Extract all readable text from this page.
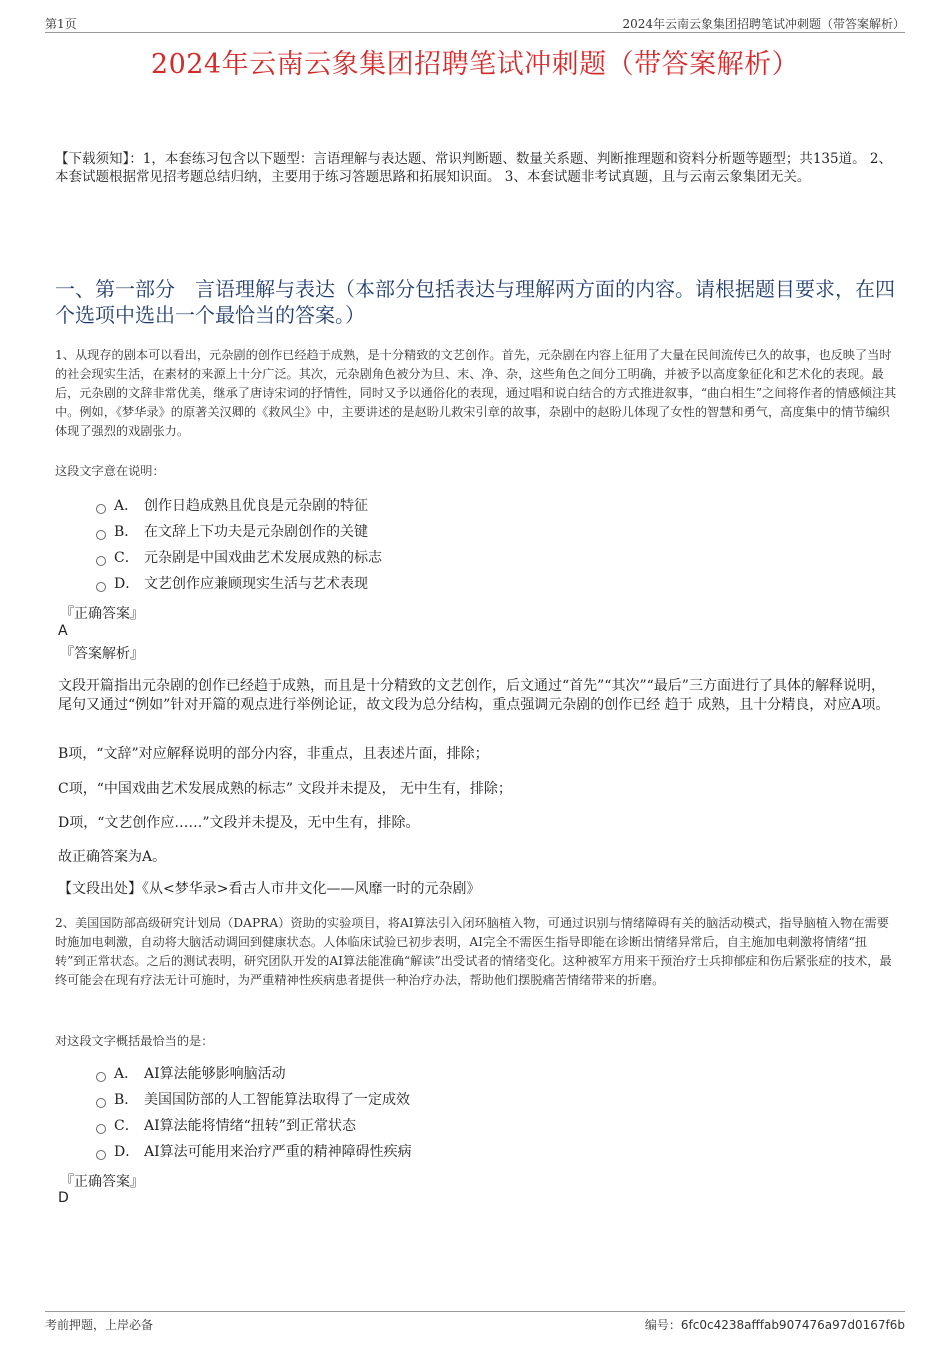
第1页	2024年云南云象集团招聘笔试冲刺题（带答案解析）
2024年云南云象集团招聘笔试冲刺题（带答案解析）
【下载须知】：1，本套练习包含以下题型：言语理解与表达题、常识判断题、数量关系题、判断推理题和资料分析题等题型；共135道。 2、本套试题根据常见招考题总结归纳，主要用于练习答题思路和拓展知识面。 3、本套试题非考试真题，且与云南云象集团无关。
一、第一部分　言语理解与表达（本部分包括表达与理解两方面的内容。请根据题目要求，在四个选项中选出一个最恰当的答案。）
1、从现存的剧本可以看出，元杂剧的创作已经趋于成熟，是十分精致的文艺创作。首先，元杂剧在内容上征用了大量在民间流传已久的故事，也反映了当时的社会现实生活，在素材的来源上十分广泛。其次，元杂剧角色被分为旦、末、净、杂，这些角色之间分工明确，并被予以高度象征化和艺术化的表现。最后，元杂剧的文辞非常优美，继承了唐诗宋词的抒情性，同时又予以通俗化的表现，通过唱和说白结合的方式推进叙事，“曲白相生”之间将作者的情感倾注其中。例如，《梦华录》的原著关汉卿的《救风尘》中，主要讲述的是赵盼儿救宋引章的故事，杂剧中的赵盼儿体现了女性的智慧和勇气，高度集中的情节编织体现了强烈的戏剧张力。
这段文字意在说明：
A． 创作日趋成熟且优良是元杂剧的特征
B． 在文辞上下功夫是元杂剧创作的关键
C． 元杂剧是中国戏曲艺术发展成熟的标志
D． 文艺创作应兼顾现实生活与艺术表现
『正确答案』
A
『答案解析』
文段开篇指出元杂剧的创作已经趋于成熟，而且是十分精致的文艺创作，后文通过“首先”“其次”“最后”三方面进行了具体的解释说明，尾句又通过“例如”针对开篇的观点进行举例论证，故文段为总分结构，重点强调元杂剧的创作已经 趋于 成熟，且十分精良，对应A项。
B项，“文辞”对应解释说明的部分内容，非重点，且表述片面，排除；
C项，“中国戏曲艺术发展成熟的标志” 文段并未提及， 无中生有，排除；
D项，“文艺创作应……”文段并未提及，无中生有，排除。
故正确答案为A。
【文段出处】《从<梦华录>看古人市井文化——风靡一时的元杂剧》
2、美国国防部高级研究计划局（DAPRA）资助的实验项目，将AI算法引入闭环脑植入物，可通过识别与情绪障碍有关的脑活动模式，指导脑植入物在需要时施加电刺激，自动将大脑活动调回到健康状态。人体临床试验已初步表明，AI完全不需医生指导即能在诊断出情绪异常后，自主施加电刺激将情绪“扭转”到正常状态。之后的测试表明，研究团队开发的AI算法能准确“解读”出受试者的情绪变化。这种被军方用来干预治疗士兵抑郁症和伤后紧张症的技术，最终可能会在现有疗法无计可施时，为严重精神性疾病患者提供一种治疗办法，帮助他们摆脱痛苦情绪带来的折磨。
对这段文字概括最恰当的是：
A． AI算法能够影响脑活动
B． 美国国防部的人工智能算法取得了一定成效
C． AI算法能将情绪“扭转”到正常状态
D． AI算法可能用来治疗严重的精神障碍性疾病
『正确答案』
D
考前押题，上岸必备	编号：6fc0c4238afffab907476a97d0167f6b
